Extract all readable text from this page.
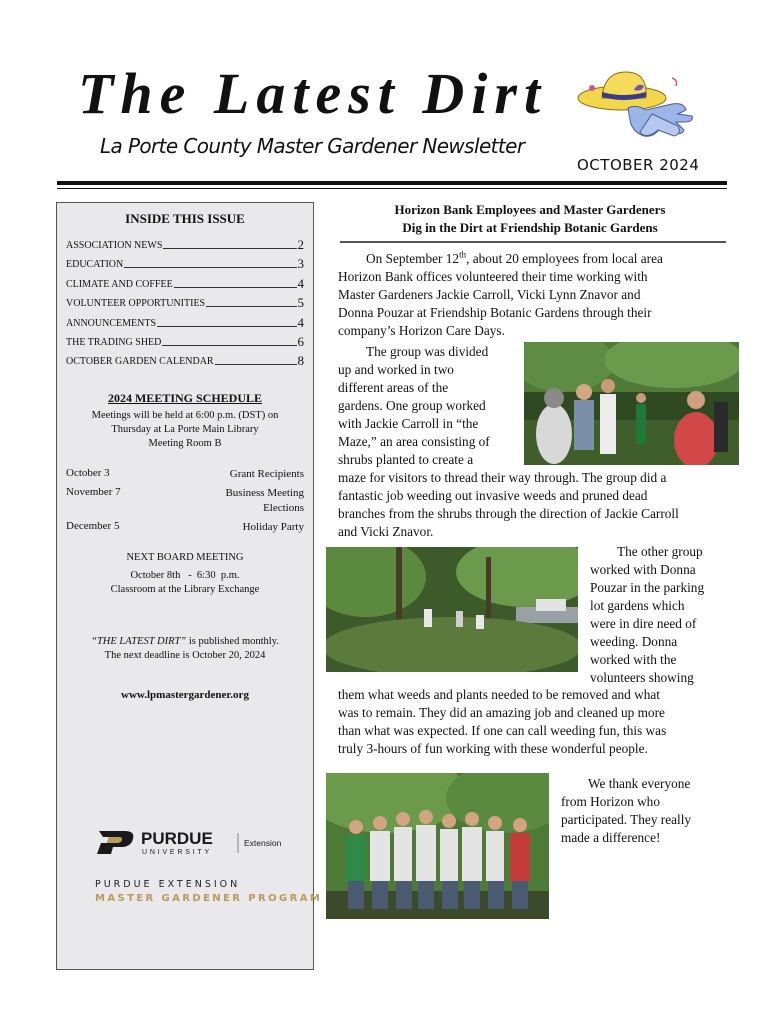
The Latest Dirt
La Porte County Master Gardener Newsletter
OCTOBER 2024
INSIDE THIS ISSUE
ASSOCIATION NEWS	2
EDUCATION	3
CLIMATE AND COFFEE	4
VOLUNTEER OPPORTUNITIES	5
ANNOUNCEMENTS	4
THE TRADING SHED	6
OCTOBER GARDEN CALENDAR	8
2024 MEETING SCHEDULE
Meetings will be held at 6:00 p.m. (DST) on
Thursday at La Porte Main Library
Meeting Room B
October 3	Grant Recipients
November 7	Business Meeting
Elections
December 5	Holiday Party
NEXT BOARD MEETING
October 8th   -  6:30  p.m.
Classroom at the Library Exchange
“THE LATEST DIRT” is published monthly.
The next deadline is October 20, 2024
www.lpmastergardener.org
PURDUE
UNIVERSITY
Extension
PURDUE EXTENSION
MASTER GARDENER PROGRAM
Horizon Bank Employees and Master Gardeners
Dig in the Dirt at Friendship Botanic Gardens
On September 12th, about 20 employees from local area
Horizon Bank offices volunteered their time working with
Master Gardeners Jackie Carroll, Vicki Lynn Znavor and
Donna Pouzar at Friendship Botanic Gardens through their
company’s Horizon Care Days.
The group was divided
up and worked in two
different areas of the
gardens. One group worked
with Jackie Carroll in “the
Maze,” an area consisting of
shrubs planted to create a
maze for visitors to thread their way through. The group did a
fantastic job weeding out invasive weeds and pruned dead
branches from the shrubs through the direction of Jackie Carroll
and Vicki Znavor.
The other group
worked with Donna
Pouzar in the parking
lot gardens which
were in dire need of
weeding. Donna
worked with the
volunteers showing
them what weeds and plants needed to be removed and what
was to remain. They did an amazing job and cleaned up more
than what was expected. If one can call weeding fun, this was
truly 3-hours of fun working with these wonderful people.
We thank everyone
from Horizon who
participated. They really
made a difference!
